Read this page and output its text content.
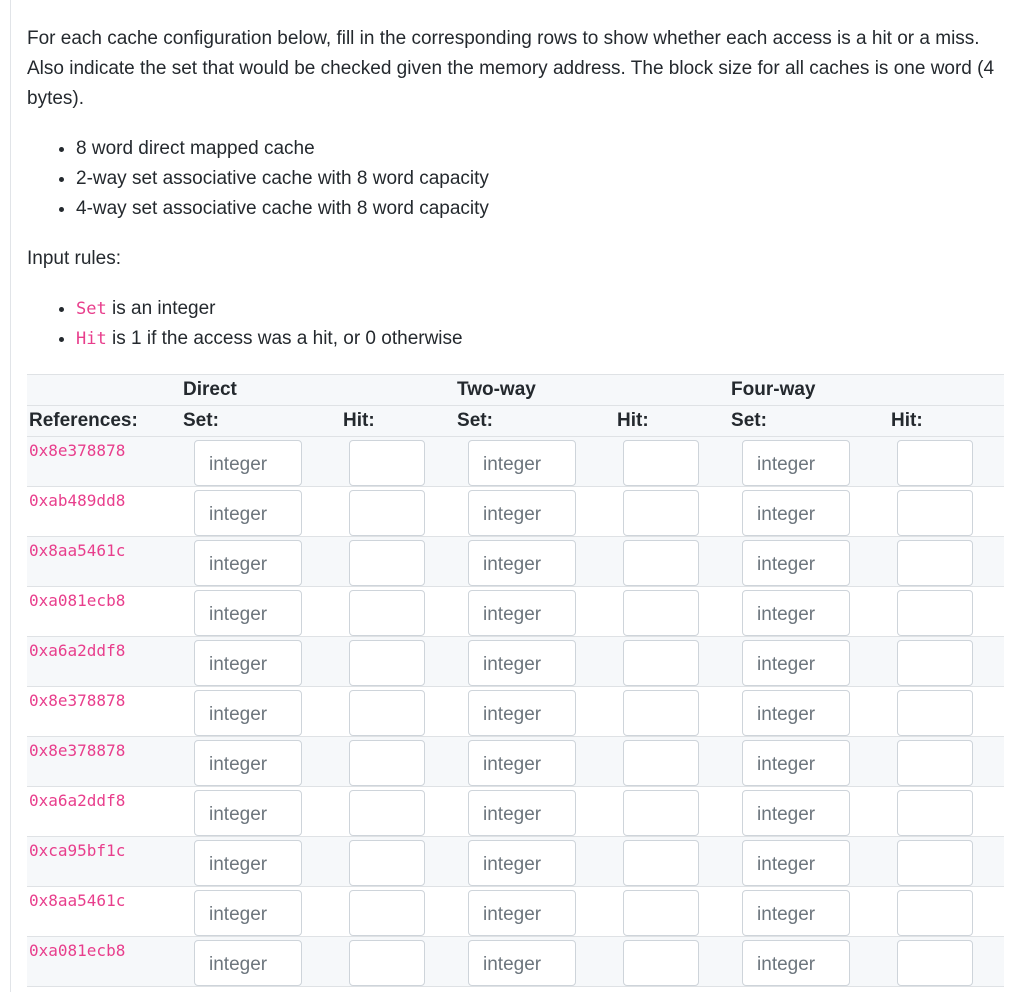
For each cache configuration below, fill in the corresponding rows to show whether each access is a hit or a miss. Also indicate the set that would be checked given the memory address. The block size for all caches is one word (4 bytes).

• 8 word direct mapped cache
• 2-way set associative cache with 8 word capacity
• 4-way set associative cache with 8 word capacity

Input rules:

• Set is an integer
• Hit is 1 if the access was a hit, or 0 otherwise
	Direct		Two-way		Four-way	
References:	Set:	Hit:	Set:	Hit:	Set:	Hit:
0x8e378878	integer		integer		integer	

0xab489dd8	integer		integer		integer	

0x8aa5461c	integer		integer		integer	

0xa081ecb8	integer		integer		integer	

0xa6a2ddf8	integer		integer		integer	

0x8e378878	integer		integer		integer	

0x8e378878	integer		integer		integer	

0xa6a2ddf8	integer		integer		integer	

0xca95bf1c	integer		integer		integer	

0x8aa5461c	integer		integer		integer	

0xa081ecb8	integer		integer		integer	
